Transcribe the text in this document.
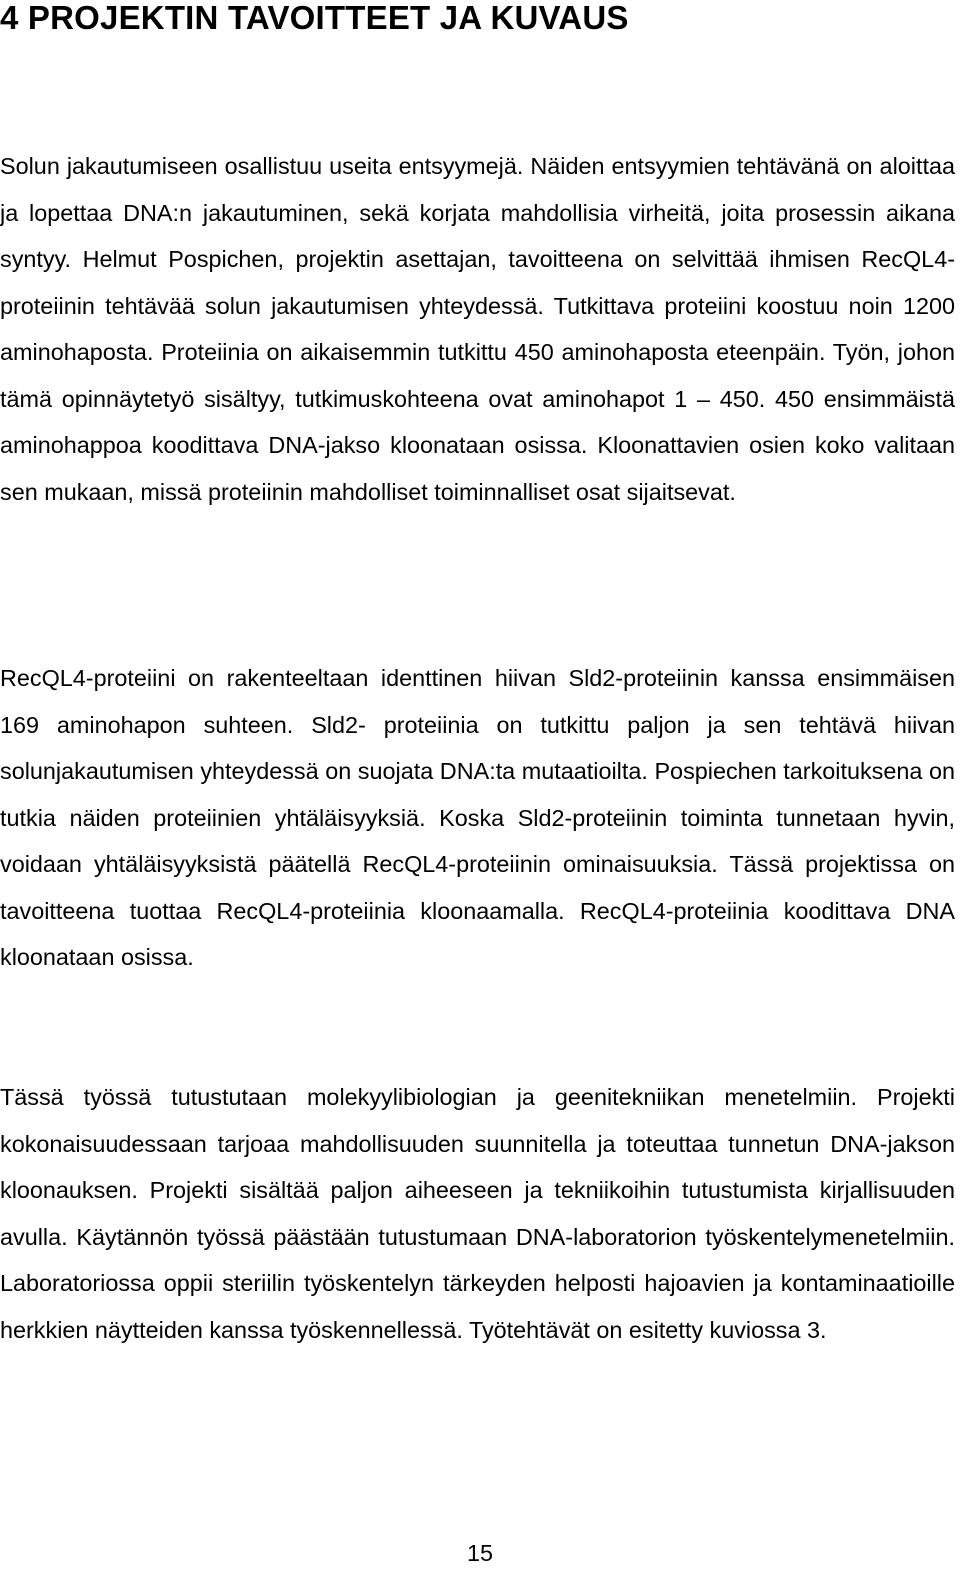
4 PROJEKTIN TAVOITTEET JA KUVAUS

Solun jakautumiseen osallistuu useita entsyymejä. Näiden entsyymien tehtävänä on aloittaa ja lopettaa DNA:n jakautuminen, sekä korjata mahdollisia virheitä, joita prosessin aikana syntyy. Helmut Pospichen, projektin asettajan, tavoitteena on selvittää ihmisen RecQL4-proteiinin tehtävää solun jakautumisen yhteydessä. Tutkittava proteiini koostuu noin 1200 aminohaposta. Proteiinia on aikaisemmin tutkittu 450 aminohaposta eteenpäin. Työn, johon tämä opinnäytetyö sisältyy, tutkimuskohteena ovat aminohapot 1 – 450. 450 ensimmäistä aminohappoa koodittava DNA-jakso kloonataan osissa. Kloonattavien osien koko valitaan sen mukaan, missä proteiinin mahdolliset toiminnalliset osat sijaitsevat.

RecQL4-proteiini on rakenteeltaan identtinen hiivan Sld2-proteiinin kanssa ensimmäisen 169 aminohapon suhteen. Sld2- proteiinia on tutkittu paljon ja sen tehtävä hiivan solunjakautumisen yhteydessä on suojata DNA:ta mutaatioilta. Pospiechen tarkoituksena on tutkia näiden proteiinien yhtäläisyyksiä. Koska Sld2-proteiinin toiminta tunnetaan hyvin, voidaan yhtäläisyyksistä päätellä RecQL4-proteiinin ominaisuuksia. Tässä projektissa on tavoitteena tuottaa RecQL4-proteiinia kloonaamalla. RecQL4-proteiinia koodittava DNA kloonataan osissa.

Tässä työssä tutustutaan molekyylibiologian ja geenitekniikan menetelmiin. Projekti kokonaisuudessaan tarjoaa mahdollisuuden suunnitella ja toteuttaa tunnetun DNA-jakson kloonauksen. Projekti sisältää paljon aiheeseen ja tekniikoihin tutustumista kirjallisuuden avulla. Käytännön työssä päästään tutustumaan DNA-laboratorion työskentelymenetelmiin. Laboratoriossa oppii steriilin työskentelyn tärkeyden helposti hajoavien ja kontaminaatioille herkkien näytteiden kanssa työskennellessä. Työtehtävät on esitetty kuviossa 3.

15
